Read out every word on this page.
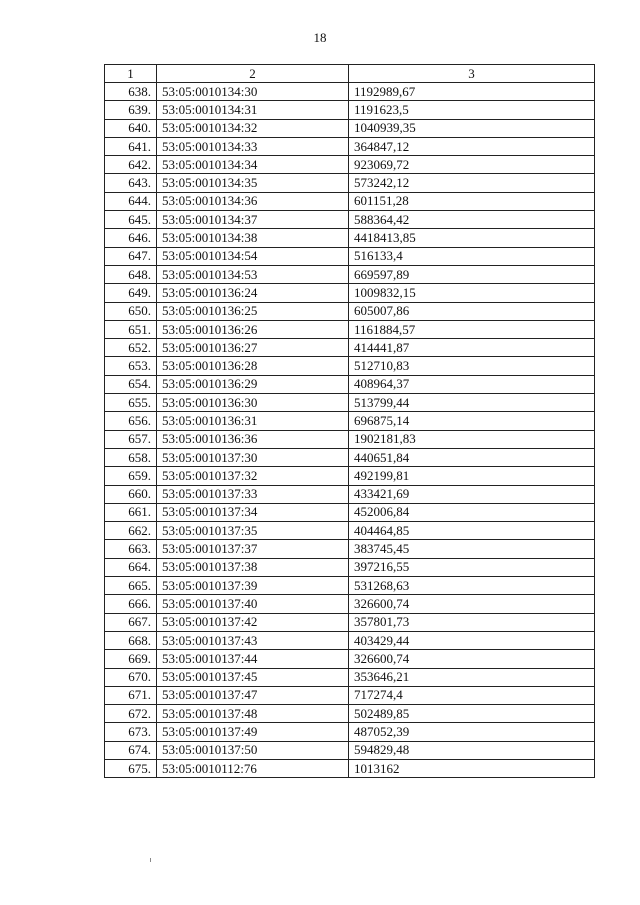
18
1	2	3
638.	53:05:0010134:30	1192989,67
639.	53:05:0010134:31	1191623,5
640.	53:05:0010134:32	1040939,35
641.	53:05:0010134:33	364847,12
642.	53:05:0010134:34	923069,72
643.	53:05:0010134:35	573242,12
644.	53:05:0010134:36	601151,28
645.	53:05:0010134:37	588364,42
646.	53:05:0010134:38	4418413,85
647.	53:05:0010134:54	516133,4
648.	53:05:0010134:53	669597,89
649.	53:05:0010136:24	1009832,15
650.	53:05:0010136:25	605007,86
651.	53:05:0010136:26	1161884,57
652.	53:05:0010136:27	414441,87
653.	53:05:0010136:28	512710,83
654.	53:05:0010136:29	408964,37
655.	53:05:0010136:30	513799,44
656.	53:05:0010136:31	696875,14
657.	53:05:0010136:36	1902181,83
658.	53:05:0010137:30	440651,84
659.	53:05:0010137:32	492199,81
660.	53:05:0010137:33	433421,69
661.	53:05:0010137:34	452006,84
662.	53:05:0010137:35	404464,85
663.	53:05:0010137:37	383745,45
664.	53:05:0010137:38	397216,55
665.	53:05:0010137:39	531268,63
666.	53:05:0010137:40	326600,74
667.	53:05:0010137:42	357801,73
668.	53:05:0010137:43	403429,44
669.	53:05:0010137:44	326600,74
670.	53:05:0010137:45	353646,21
671.	53:05:0010137:47	717274,4
672.	53:05:0010137:48	502489,85
673.	53:05:0010137:49	487052,39
674.	53:05:0010137:50	594829,48
675.	53:05:0010112:76	1013162
